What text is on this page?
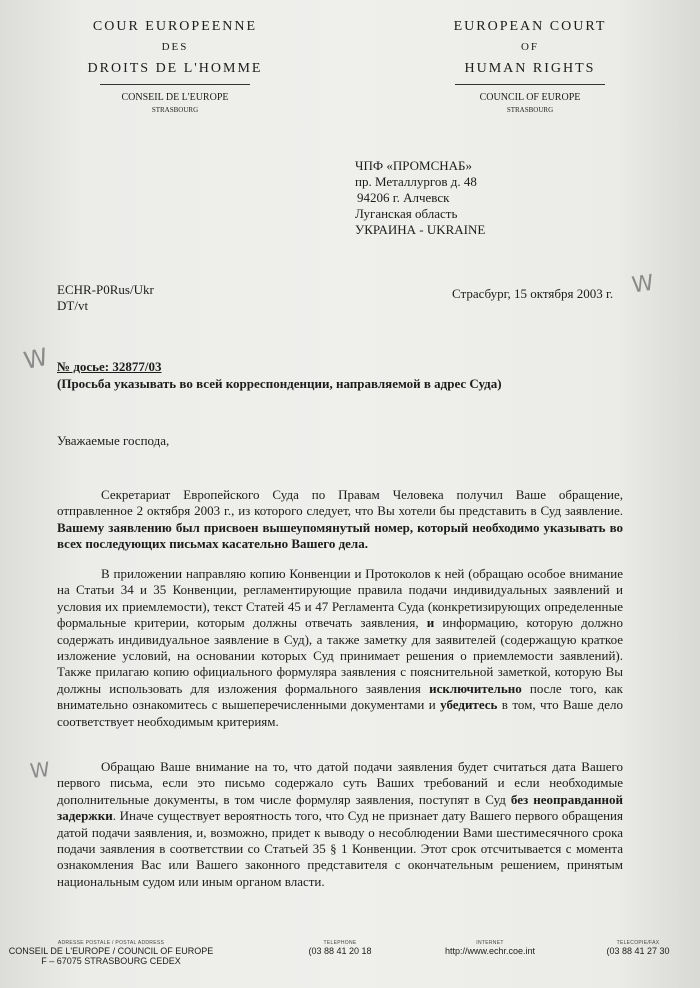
COUR EUROPEENNE
DES
DROITS DE L'HOMME
CONSEIL DE L'EUROPE
STRASBOURG
EUROPEAN COURT
OF
HUMAN RIGHTS
COUNCIL OF EUROPE
STRASBOURG
ЧПФ «ПРОМСНАБ»
пр. Металлургов д. 48
94206 г. Алчевск
Луганская область
УКРАИНА - UKRAINE
ECHR-P0Rus/Ukr
DT/vt
Страсбург, 15 октября 2003 г.
№ досье: 32877/03
(Просьба указывать во всей корреспонденции, направляемой в адрес Суда)
Уважаемые господа,
Секретариат Европейского Суда по Правам Человека получил Ваше обращение, отправленное 2 октября 2003 г., из которого следует, что Вы хотели бы представить в Суд заявление. Вашему заявлению был присвоен вышеупомянутый номер, который необходимо указывать во всех последующих письмах касательно Вашего дела.
В приложении направляю копию Конвенции и Протоколов к ней (обращаю особое внимание на Статьи 34 и 35 Конвенции, регламентирующие правила подачи индивидуальных заявлений и условия их приемлемости), текст Статей 45 и 47 Регламента Суда (конкретизирующих определенные формальные критерии, которым должны отвечать заявления, и информацию, которую должно содержать индивидуальное заявление в Суд), а также заметку для заявителей (содержащую краткое изложение условий, на основании которых Суд принимает решения о приемлемости заявлений). Также прилагаю копию официального формуляра заявления с пояснительной заметкой, которую Вы должны использовать для изложения формального заявления исключительно после того, как внимательно ознакомитесь с вышеперечисленными документами и убедитесь в том, что Ваше дело соответствует необходимым критериям.
Обращаю Ваше внимание на то, что датой подачи заявления будет считаться дата Вашего первого письма, если это письмо содержало суть Ваших требований и если необходимые дополнительные документы, в том числе формуляр заявления, поступят в Суд без неоправданной задержки. Иначе существует вероятность того, что Суд не признает дату Вашего первого обращения датой подачи заявления, и, возможно, придет к выводу о несоблюдении Вами шестимесячного срока подачи заявления в соответствии со Статьей 35 § 1 Конвенции. Этот срок отсчитывается с момента ознакомления Вас или Вашего законного представителя с окончательным решением, принятым национальным судом или иным органом власти.
ADRESSE POSTALE / POSTAL ADDRESS
CONSEIL DE L'EUROPE / COUNCIL OF EUROPE
F – 67075 STRASBOURG CEDEX
TELEPHONE
(03 88 41 20 18
INTERNET
http://www.echr.coe.int
TELECOPIE/FAX
(03 88 41 27 30
W
W
W
